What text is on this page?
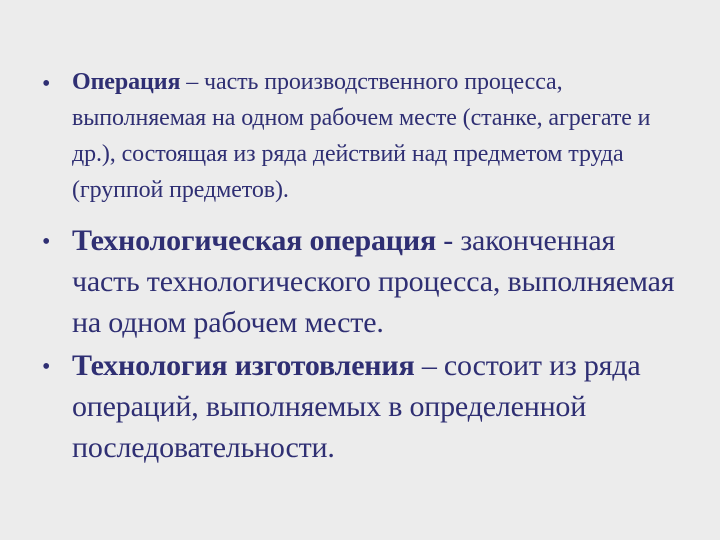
• Операция – часть производственного процесса, выполняемая на одном рабочем месте (станке, агрегате и др.), состоящая из ряда действий над предметом труда (группой предметов).
• Технологическая операция - законченная часть технологического процесса, выполняемая на одном рабочем месте.
• Технология изготовления – состоит из ряда операций, выполняемых в определенной последовательности.
